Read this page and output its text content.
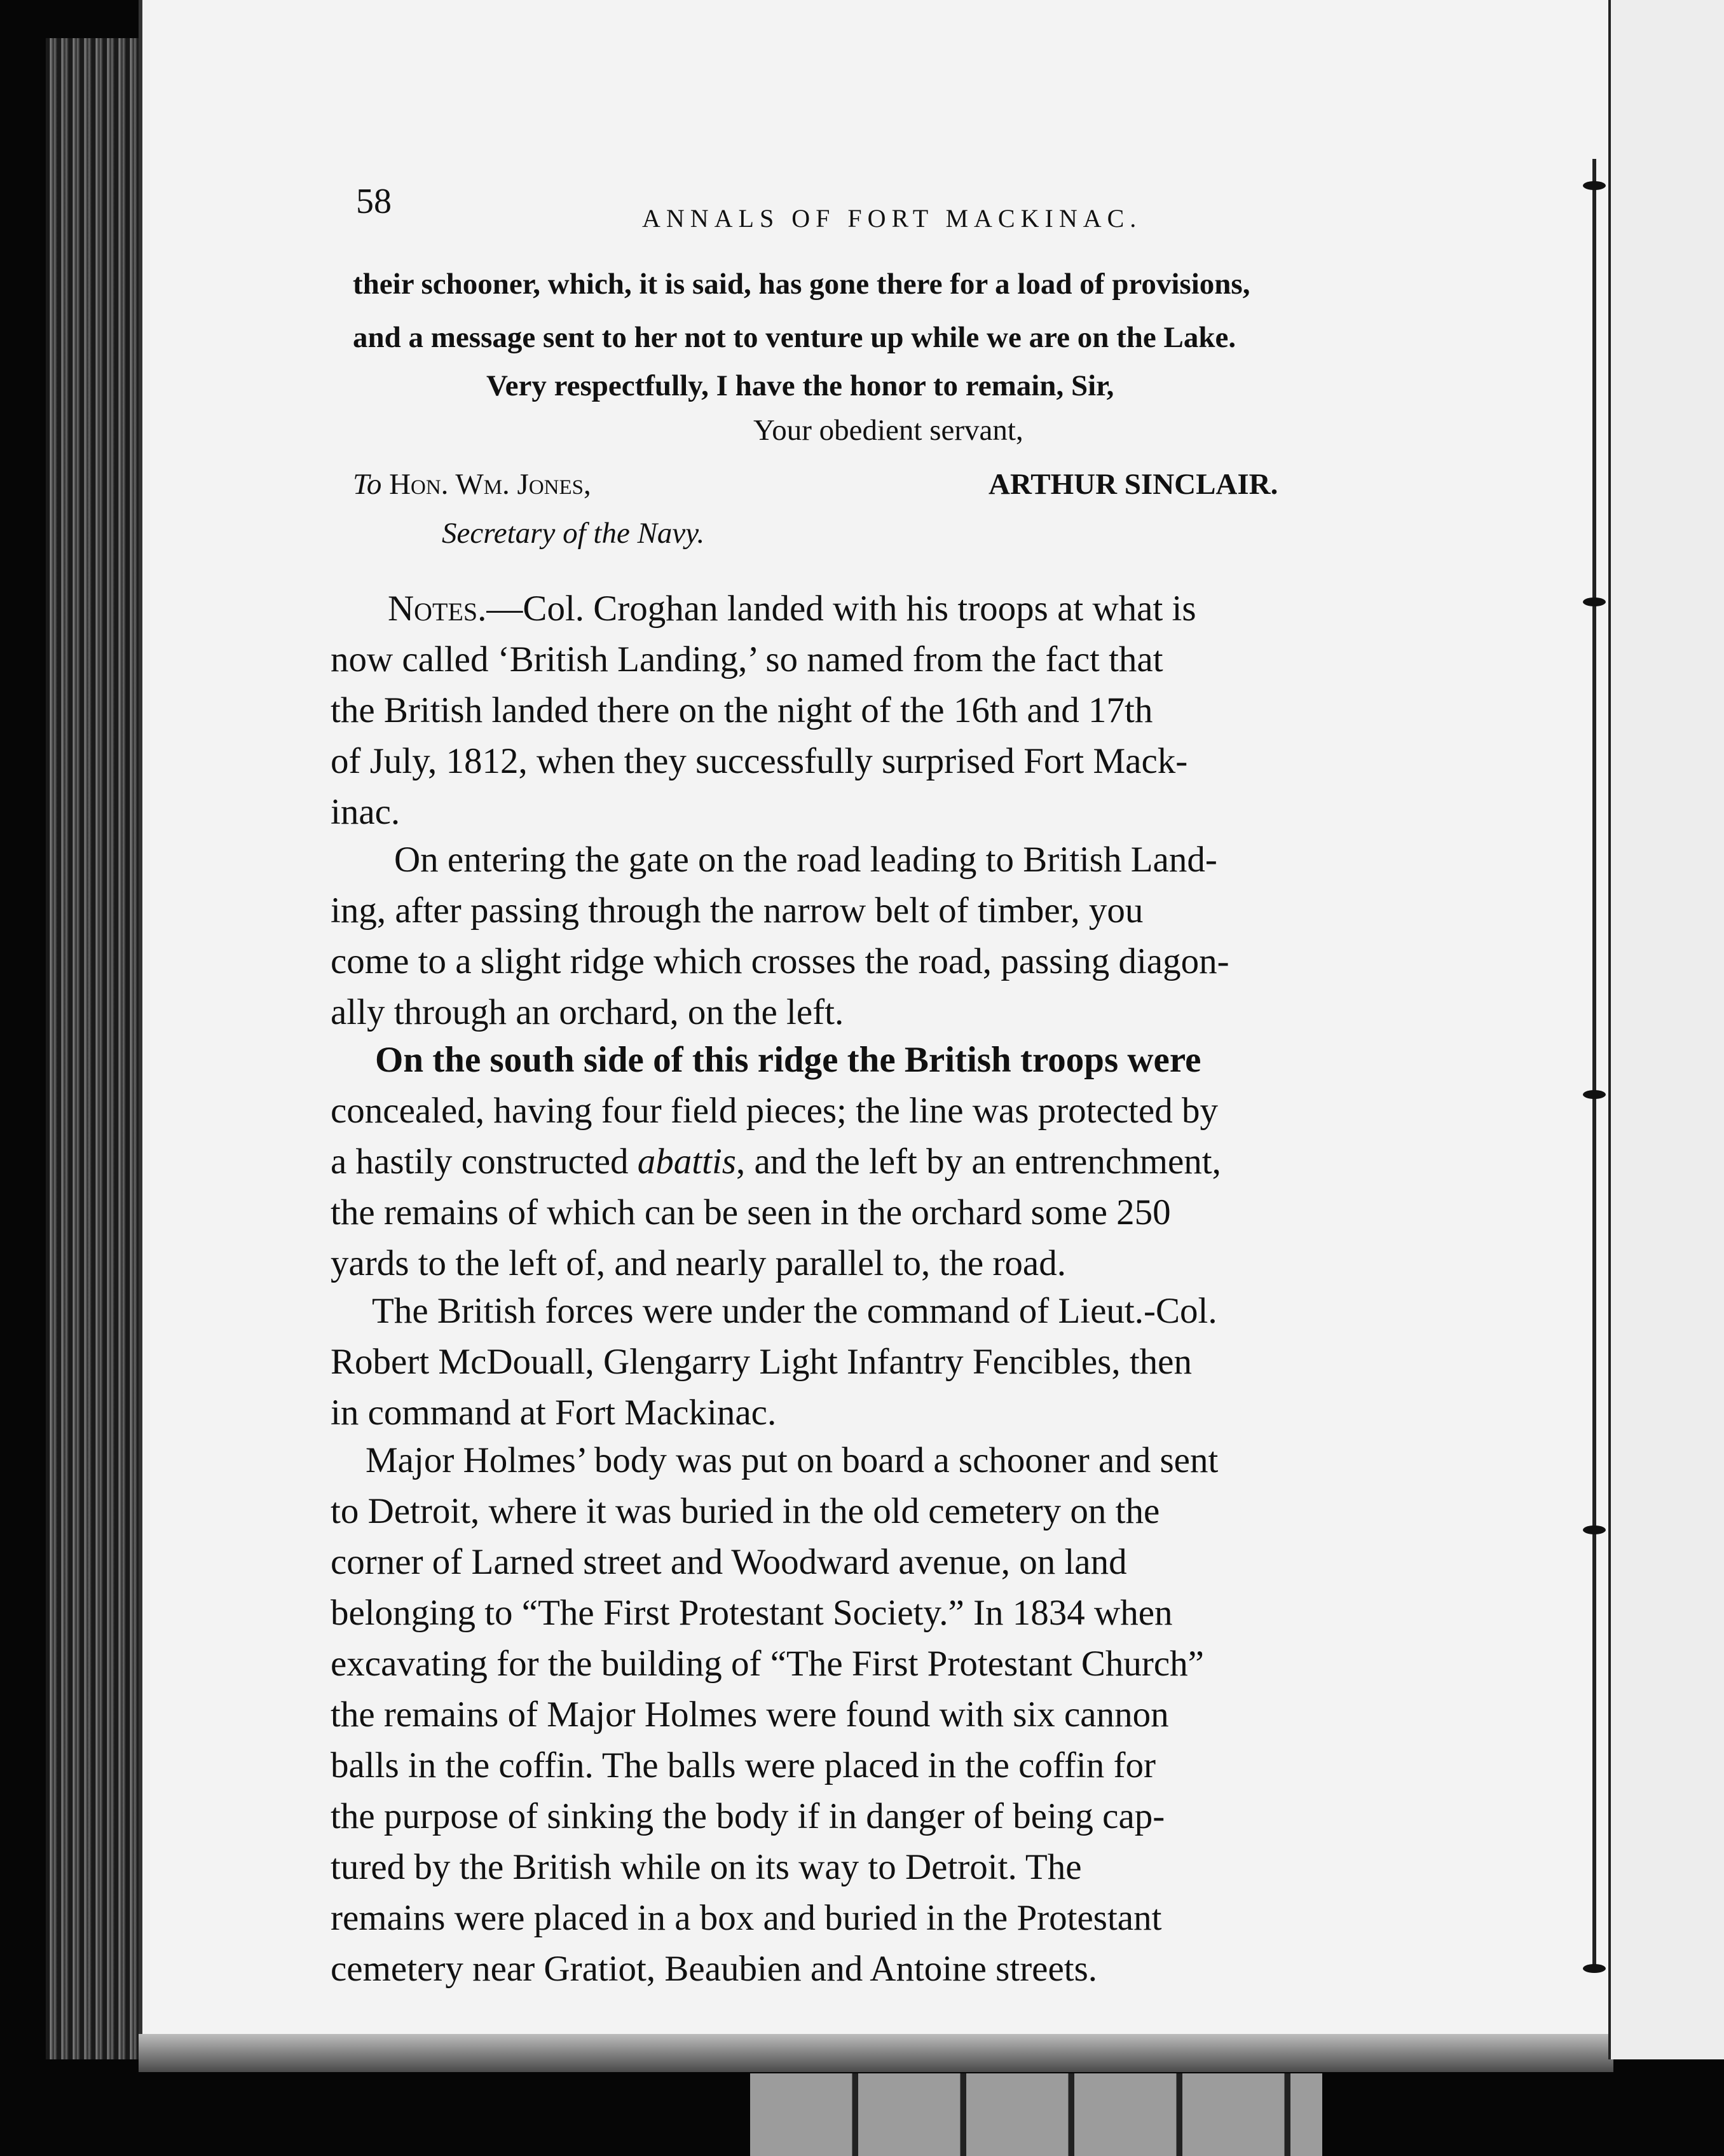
58	ANNALS OF FORT MACKINAC.
their schooner, which, it is said, has gone there for a load of provisions,
and a message sent to her not to venture up while we are on the Lake.
Very respectfully, I have the honor to remain, Sir,
Your obedient servant,
To Hon. Wm. Jones,	ARTHUR SINCLAIR.
Secretary of the Navy.
Notes.—Col. Croghan landed with his troops at what is
now called ‘British Landing,’ so named from the fact that
the British landed there on the night of the 16th and 17th
of July, 1812, when they successfully surprised Fort Mack-
inac.
On entering the gate on the road leading to British Land-
ing, after passing through the narrow belt of timber, you
come to a slight ridge which crosses the road, passing diagon-
ally through an orchard, on the left.
On the south side of this ridge the British troops were
concealed, having four field pieces; the line was protected by
a hastily constructed abattis, and the left by an entrenchment,
the remains of which can be seen in the orchard some 250
yards to the left of, and nearly parallel to, the road.
The British forces were under the command of Lieut.-Col.
Robert McDouall, Glengarry Light Infantry Fencibles, then
in command at Fort Mackinac.
Major Holmes’ body was put on board a schooner and sent
to Detroit, where it was buried in the old cemetery on the
corner of Larned street and Woodward avenue, on land
belonging to “The First Protestant Society.” In 1834 when
excavating for the building of “The First Protestant Church”
the remains of Major Holmes were found with six cannon
balls in the coffin. The balls were placed in the coffin for
the purpose of sinking the body if in danger of being cap-
tured by the British while on its way to Detroit. The
remains were placed in a box and buried in the Protestant
cemetery near Gratiot, Beaubien and Antoine streets.
